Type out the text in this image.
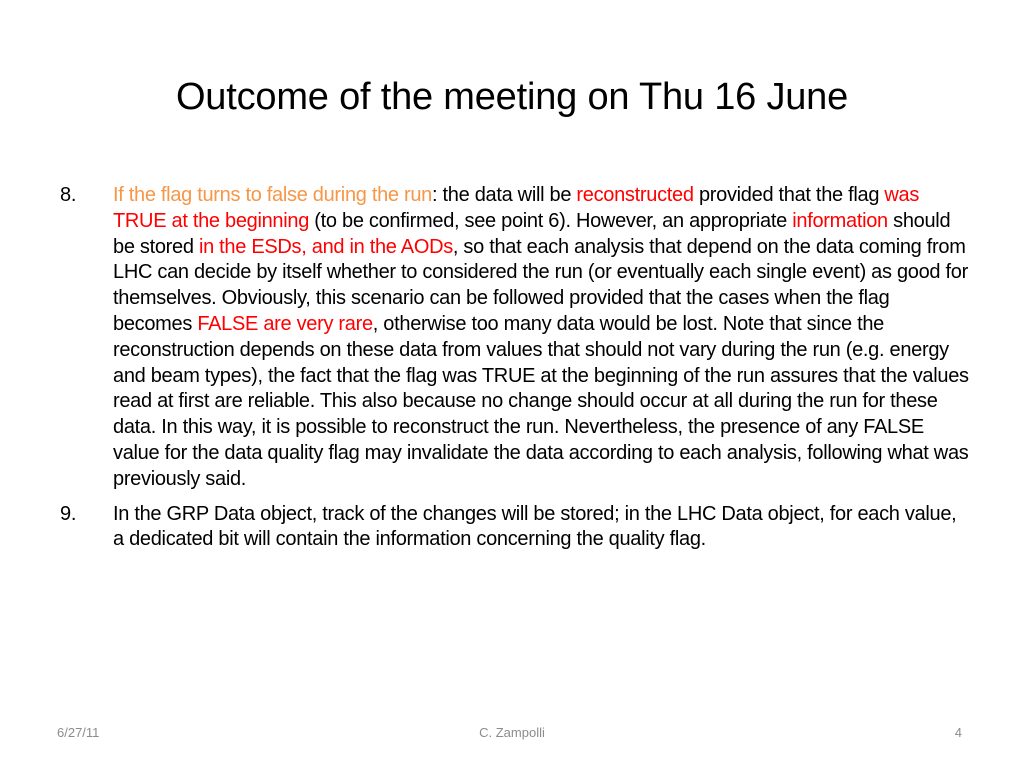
Outcome of the meeting on Thu 16 June
8. If the flag turns to false during the run: the data will be reconstructed provided that the flag was TRUE at the beginning (to be confirmed, see point 6). However, an appropriate information should be stored in the ESDs, and in the AODs, so that each analysis that depend on the data coming from LHC can decide by itself whether to considered the run (or eventually each single event) as good for themselves. Obviously, this scenario can be followed provided that the cases when the flag becomes FALSE are very rare, otherwise too many data would be lost. Note that since the reconstruction depends on these data from values that should not vary during the run (e.g. energy and beam types), the fact that the flag was TRUE at the beginning of the run assures that the values read at first are reliable. This also because no change should occur at all during the run for these data. In this way, it is possible to reconstruct the run. Nevertheless, the presence of any FALSE value for the data quality flag may invalidate the data according to each analysis, following what was previously said.
9. In the GRP Data object, track of the changes will be stored; in the LHC Data object, for each value, a dedicated bit will contain the information concerning the quality flag.
6/27/11	C. Zampolli	4
